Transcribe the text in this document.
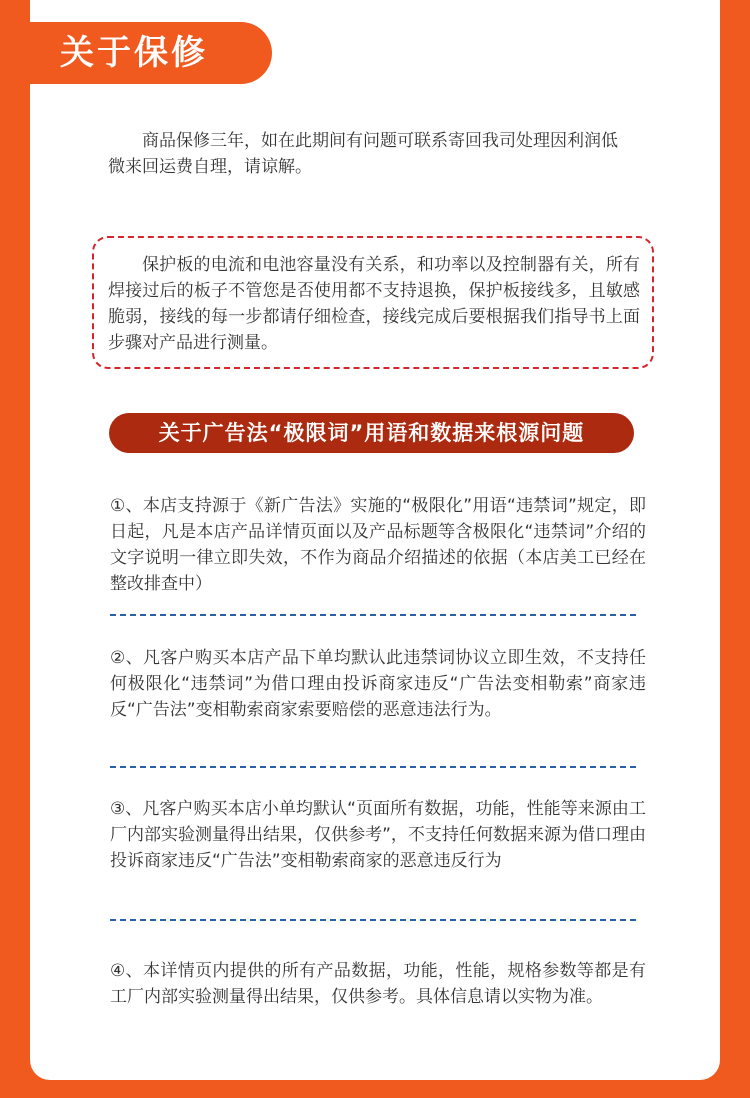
关于保修

商品保修三年，如在此期间有问题可联系寄回我司处理因利润低微来回运费自理，请谅解。

保护板的电流和电池容量没有关系，和功率以及控制器有关，所有焊接过后的板子不管您是否使用都不支持退换，保护板接线多，且敏感脆弱，接线的每一步都请仔细检查，接线完成后要根据我们指导书上面步骤对产品进行测量。

关于广告法“极限词”用语和数据来根源问题

①、本店支持源于《新广告法》实施的“极限化”用语“违禁词”规定，即日起，凡是本店产品详情页面以及产品标题等含极限化“违禁词”介绍的文字说明一律立即失效，不作为商品介绍描述的依据（本店美工已经在整改排查中）

②、凡客户购买本店产品下单均默认此违禁词协议立即生效，不支持任何极限化“违禁词”为借口理由投诉商家违反“广告法变相勒索”商家违反“广告法”变相勒索商家索要赔偿的恶意违法行为。

③、凡客户购买本店小单均默认“页面所有数据，功能，性能等来源由工厂内部实验测量得出结果，仅供参考”，不支持任何数据来源为借口理由投诉商家违反“广告法”变相勒索商家的恶意违反行为

④、本详情页内提供的所有产品数据，功能，性能，规格参数等都是有工厂内部实验测量得出结果，仅供参考。具体信息请以实物为准。
